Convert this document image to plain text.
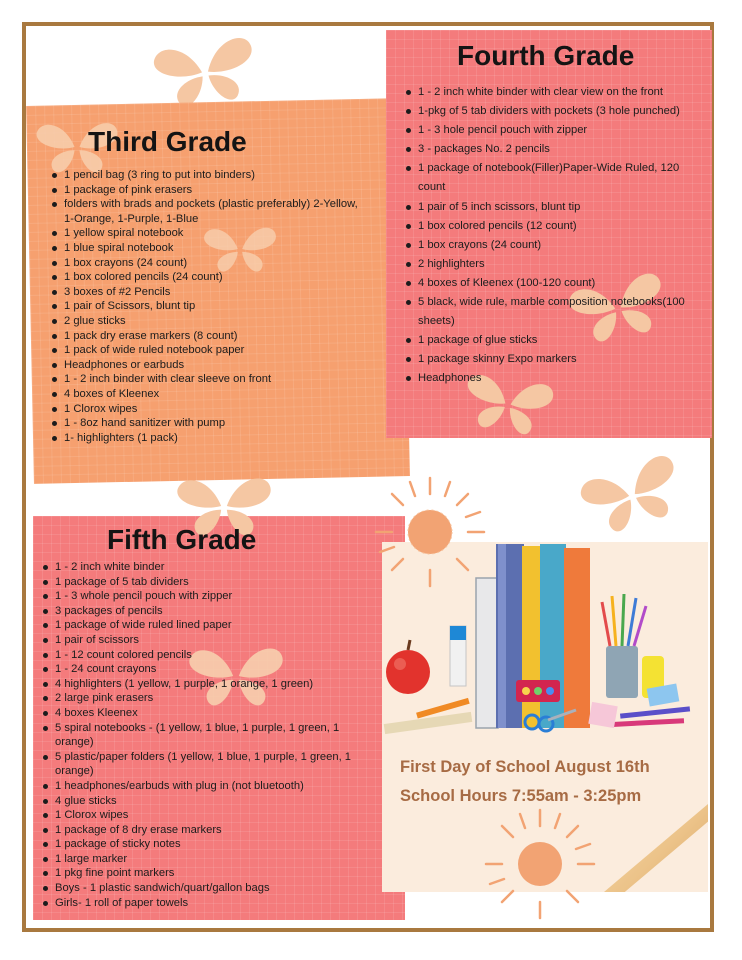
Third Grade
Fourth Grade
Fifth Grade
1 pencil bag (3 ring to put into binders)
1 package of pink erasers
folders with brads and pockets (plastic preferably) 2-Yellow, 1-Orange, 1-Purple, 1-Blue
1 yellow spiral notebook
1 blue spiral notebook
1 box crayons (24 count)
1 box colored pencils (24 count)
3 boxes of #2 Pencils
1 pair of Scissors, blunt tip
2 glue sticks
1 pack dry erase markers (8 count)
1 pack of wide ruled notebook paper
Headphones or earbuds
1 - 2 inch binder with clear sleeve on front
4 boxes of Kleenex
1 Clorox wipes
1 - 8oz hand sanitizer with pump
1- highlighters (1 pack)
1 - 2 inch white binder with clear view on the front
1-pkg of 5 tab dividers with pockets (3 hole punched)
1 - 3 hole pencil pouch with zipper
3 - packages No. 2 pencils
1 package of notebook(Filler)Paper-Wide Ruled, 120 count
1 pair of 5 inch scissors, blunt tip
1 box colored pencils (12 count)
1 box crayons (24 count)
2 highlighters
4 boxes of Kleenex (100-120 count)
5 black, wide rule, marble composition notebooks(100 sheets)
1 package of glue sticks
1 package skinny Expo markers
Headphones
1 - 2 inch white binder
1 package of 5 tab dividers
1 - 3 whole pencil pouch with zipper
3 packages of pencils
1 package of wide ruled lined paper
1 pair of scissors
1 - 12 count colored pencils
1 - 24 count crayons
4 highlighters (1 yellow, 1 purple, 1 orange, 1 green)
2 large pink erasers
4 boxes Kleenex
5 spiral notebooks - (1 yellow, 1 blue, 1 purple, 1 green, 1 orange)
5 plastic/paper folders (1 yellow, 1 blue, 1 purple, 1 green, 1 orange)
1 headphones/earbuds with plug in (not bluetooth)
4 glue sticks
1 Clorox wipes
1 package of 8 dry erase markers
1 package of sticky notes
1 large marker
1 pkg fine point markers
Boys - 1 plastic sandwich/quart/gallon bags
Girls- 1 roll of paper towels
First Day of School August 16th
School Hours 7:55am - 3:25pm
